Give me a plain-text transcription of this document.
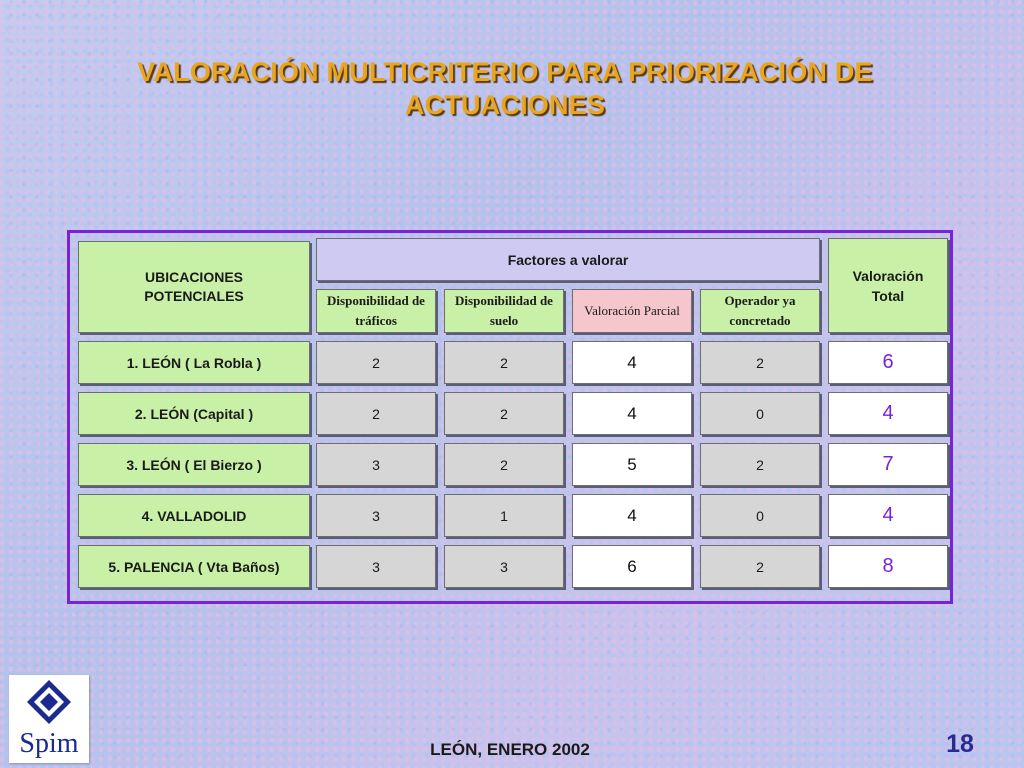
VALORACIÓN MULTICRITERIO PARA PRIORIZACIÓN DE ACTUACIONES
UBICACIONES POTENCIALES
Factores a valorar
Disponibilidad de tráficos
Disponibilidad de suelo
Valoración Parcial
Operador ya concretado
Valoración Total
1. LEÓN ( La Robla )	2	2	4	2	6
2. LEÓN (Capital )	2	2	4	0	4
3. LEÓN ( El Bierzo )	3	2	5	2	7
4. VALLADOLID	3	1	4	0	4
5. PALENCIA ( Vta Baños)	3	3	6	2	8
Spim	LEÓN, ENERO 2002	18
